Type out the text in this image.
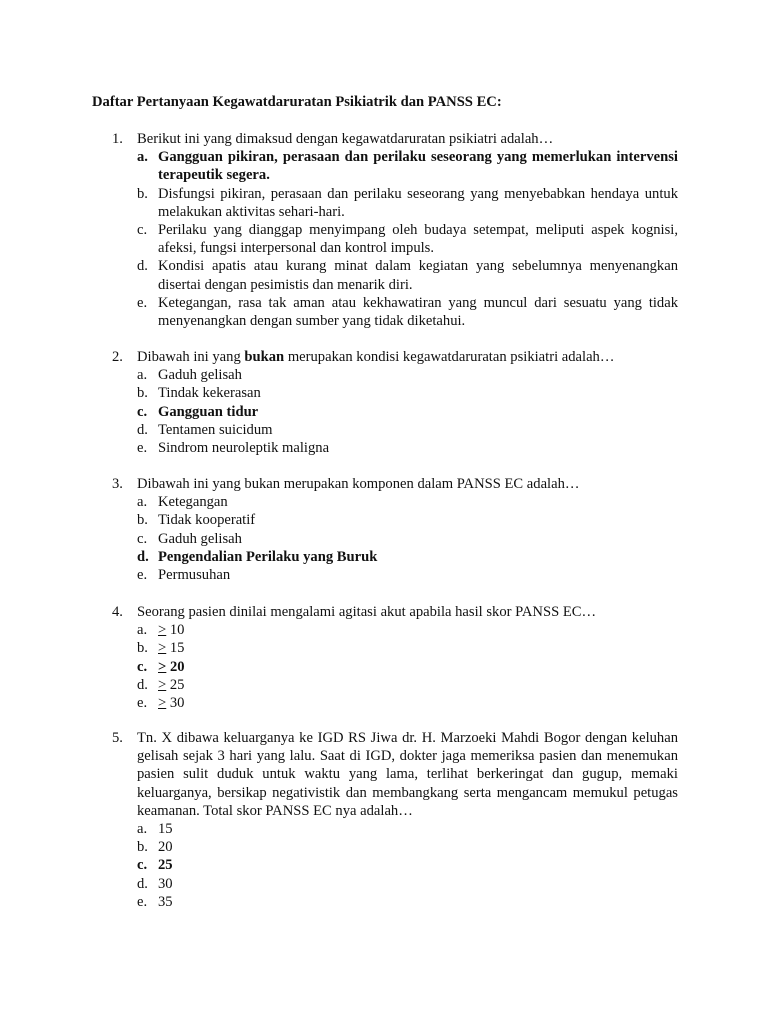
Daftar Pertanyaan Kegawatdaruratan Psikiatrik dan PANSS EC:
1. Berikut ini yang dimaksud dengan kegawatdaruratan psikiatri adalah…
a. Gangguan pikiran, perasaan dan perilaku seseorang yang memerlukan intervensi terapeutik segera.
b. Disfungsi pikiran, perasaan dan perilaku seseorang yang menyebabkan hendaya untuk melakukan aktivitas sehari-hari.
c. Perilaku yang dianggap menyimpang oleh budaya setempat, meliputi aspek kognisi, afeksi, fungsi interpersonal dan kontrol impuls.
d. Kondisi apatis atau kurang minat dalam kegiatan yang sebelumnya menyenangkan disertai dengan pesimistis dan menarik diri.
e. Ketegangan, rasa tak aman atau kekhawatiran yang muncul dari sesuatu yang tidak menyenangkan dengan sumber yang tidak diketahui.
2. Dibawah ini yang bukan merupakan kondisi kegawatdaruratan psikiatri adalah…
a. Gaduh gelisah
b. Tindak kekerasan
c. Gangguan tidur
d. Tentamen suicidum
e. Sindrom neuroleptik maligna
3. Dibawah ini yang bukan merupakan komponen dalam PANSS EC adalah…
a. Ketegangan
b. Tidak kooperatif
c. Gaduh gelisah
d. Pengendalian Perilaku yang Buruk
e. Permusuhan
4. Seorang pasien dinilai mengalami agitasi akut apabila hasil skor PANSS EC…
a. > 10
b. > 15
c. > 20
d. > 25
e. > 30
5. Tn. X dibawa keluarganya ke IGD RS Jiwa dr. H. Marzoeki Mahdi Bogor dengan keluhan gelisah sejak 3 hari yang lalu. Saat di IGD, dokter jaga memeriksa pasien dan menemukan pasien sulit duduk untuk waktu yang lama, terlihat berkeringat dan gugup, memaki keluarganya, bersikap negativistik dan membangkang serta mengancam memukul petugas keamanan. Total skor PANSS EC nya adalah…
a. 15
b. 20
c. 25
d. 30
e. 35
